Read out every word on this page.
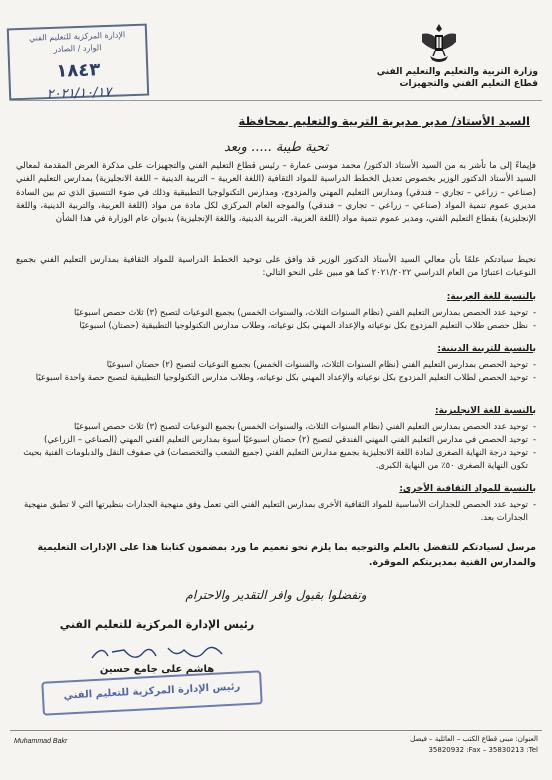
الإدارة المركزية للتعليم الفني
الوارد / الصادر
١٨٤٣
٢٠٢١/١٠/١٧
وزارة التربية والتعليم والتعليم الفني
قطاع التعليم الفني والتجهيزات
السيد الأستاذ/ مدير مديرية التربية والتعليم بمحافظة
تحية طيبة ..... وبعد

فإيماءً إلى ما تأشر به من السيد الأستاذ الدكتور/ محمد موسى عمارة – رئيس قطاع التعليم الفني والتجهيزات على مذكرة العرض المقدمة لمعالي السيد الأستاذ الدكتور الوزير بخصوص تعديل الخطط الدراسية للمواد الثقافية (اللغة العربية – التربية الدينية – اللغة الانجليزية) بمدارس التعليم الفني (صناعي – زراعي – تجاري – فندقي) ومدارس التعليم المهني والمزدوج، ومدارس التكنولوجيا التطبيقية وذلك في ضوء التنسيق الذي تم بين السادة مديري عموم تنمية المواد (صناعي – زراعي – تجاري – فندقي) والموجه العام المركزي لكل مادة من مواد (اللغة العربية، والتربية الدينية، واللغة الإنجليزية) بقطاع التعليم الفني، ومدير عموم تنمية مواد (اللغة العربية، التربية الدينية، واللغة الإنجليزية) بديوان عام الوزارة في هذا الشأن

نحيط سيادتكم علمًا بأن معالي السيد الأستاذ الدكتور الوزير قد وافق على توحيد الخطط الدراسية للمواد الثقافية بمدارس التعليم الفني بجميع النوعيات اعتبارًا من العام الدراسي ٢٠٢١/٢٠٢٢ كما هو مبين على النحو التالي:

بالنسبة للغة العربية:
- توحيد عدد الحصص بمدارس التعليم الفني (نظام السنوات الثلاث، والسنوات الخمس) بجميع النوعيات لتصبح (٣) ثلاث حصص اسبوعيًا
- نظل حصص طلاب التعليم المزدوج بكل نوعياته والإعداد المهني بكل نوعياته، وطلاب مدارس التكنولوجيا التطبيقية (حصتان) اسبوعيًا
بالنسبة للتربية الدينية:
- توحيد الحصص بمدارس التعليم الفني (نظام السنوات الثلاث، والسنوات الخمس) بجميع النوعيات لتصبح (٢) حصتان اسبوعيًا
- توحيد الحصص لطلاب التعليم المزدوج بكل نوعياته والإعداد المهني بكل نوعياته، وطلاب مدارس التكنولوجيا التطبيقية لتصبح حصة واحدة اسبوعيًا
بالنسبة للغة الانجليزية:
- توحيد عدد الحصص بمدارس التعليم الفني (نظام السنوات الثلاث، والسنوات الخمس) بجميع النوعيات لتصبح (٣) ثلاث حصص اسبوعيًا
- توحيد الحصص في مدارس التعليم الفني المهني الفندقي لتصبح (٢) حصتان اسبوعيًا أسوة بمدارس التعليم الفني المهني (الصناعي – الزراعي)
- توحيد درجة النهاية الصغرى لمادة اللغة الانجليزية بجميع مدارس التعليم الفني (جميع الشعب والتخصصات) في صفوف النقل والدبلومات الفنية بحيث تكون النهاية الصغرى ٥٠٪ من النهاية الكبرى.
بالنسبة للمواد الثقافية الأخرى:
- توحيد عدد الحصص للجدارات الأساسية للمواد الثقافية الأخرى بمدارس التعليم الفني التي تعمل وفق منهجية الجدارات بنظيرتها التي لا تطبق منهجية الجدارات بعد.

مرسل لسيادتكم للتفضل بالعلم والتوجيه بما يلزم نحو تعميم ما ورد بمضمون كتابنا هذا على الإدارات التعليمية والمدارس الفنية بمديريتكم الموقرة.

وتفضلوا بقبول وافر التقدير والاحترام
رئيس الإدارة المركزية للتعليم الفني
هاشم على جامع حسين
رئيس الإدارة المركزية للتعليم الفني
Muhammad Bakr	العنوان: مبنى قطاع الكتب – العائلية – فيصل
35820932 :Fax – 35830213 :Tel
